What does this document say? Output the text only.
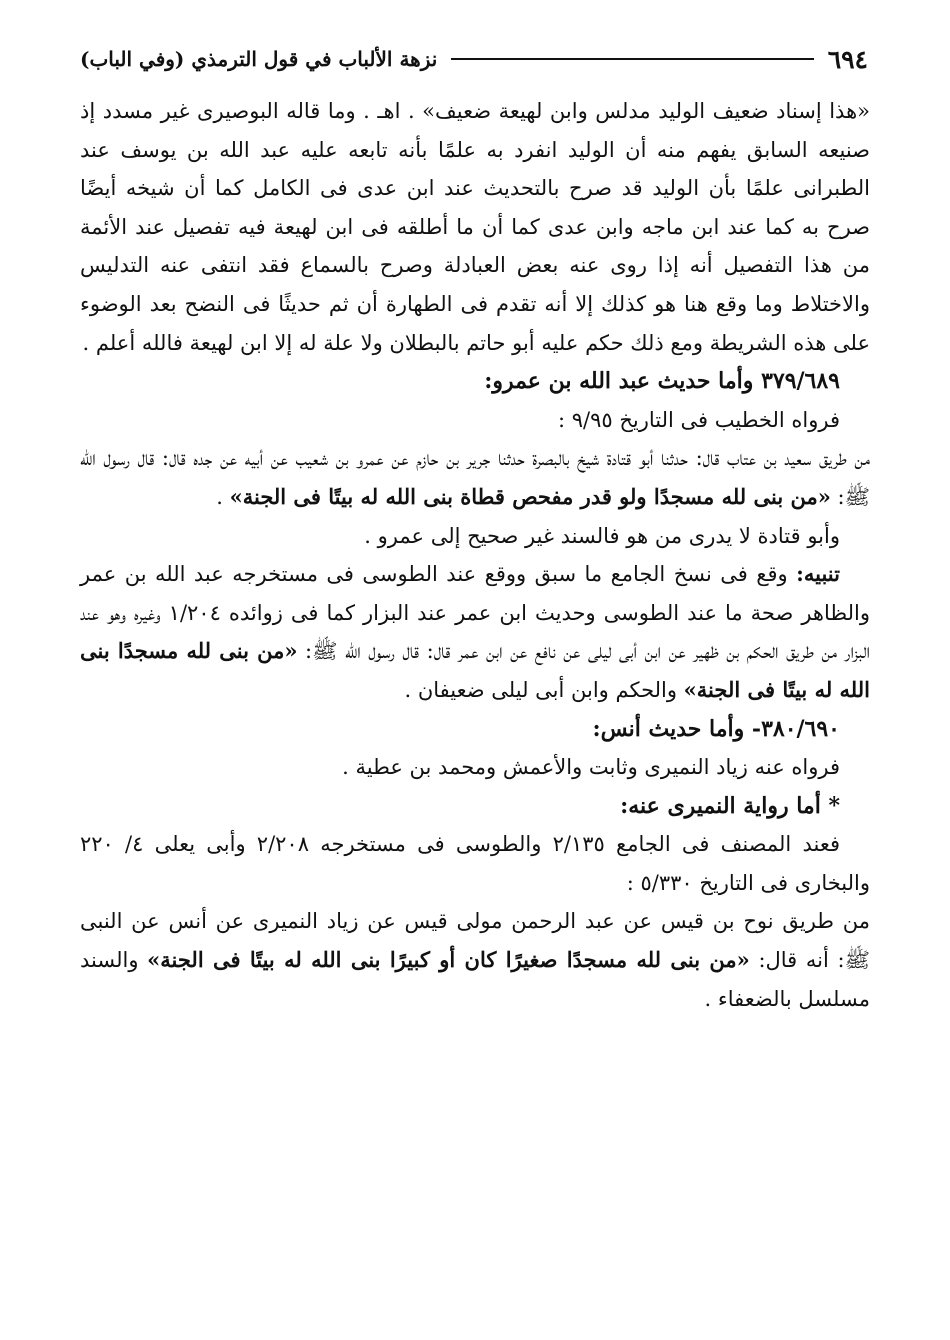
٦٩٤
نزهة الألباب في قول الترمذي (وفي الباب)

«هذا إسناد ضعيف الوليد مدلس وابن لهيعة ضعيف» . اهـ . وما قاله البوصيرى غير مسدد إذ صنيعه السابق يفهم منه أن الوليد انفرد به علمًا بأنه تابعه عليه عبد الله بن يوسف عند الطبرانى علمًا بأن الوليد قد صرح بالتحديث عند ابن عدى فى الكامل كما أن شيخه أيضًا صرح به كما عند ابن ماجه وابن عدى كما أن ما أطلقه فى ابن لهيعة فيه تفصيل عند الأئمة من هذا التفصيل أنه إذا روى عنه بعض العبادلة وصرح بالسماع فقد انتفى عنه التدليس والاختلاط وما وقع هنا هو كذلك إلا أنه تقدم فى الطهارة أن ثم حديثًا فى النضح بعد الوضوء على هذه الشريطة ومع ذلك حكم عليه أبو حاتم بالبطلان ولا علة له إلا ابن لهيعة فالله أعلم .

٣٧٩/٦٨٩ وأما حديث عبد الله بن عمرو:

فرواه الخطيب فى التاريخ ٩/٩٥ :

من طريق سعيد بن عتاب قال: حدثنا أبو قتادة شيخ بالبصرة حدثنا جرير بن حازم عن عمرو بن شعيب عن أبيه عن جده قال: قال رسول الله ﷺ: «من بنى لله مسجدًا ولو قدر مفحص قطاة بنى الله له بيتًا فى الجنة» .

وأبو قتادة لا يدرى من هو فالسند غير صحيح إلى عمرو .

تنبيه: وقع فى نسخ الجامع ما سبق ووقع عند الطوسى فى مستخرجه عبد الله بن عمر والظاهر صحة ما عند الطوسى وحديث ابن عمر عند البزار كما فى زوائده ١/٢٠٤ وغيره وهو عند البزار من طريق الحكم بن ظهير عن ابن أبى ليلى عن نافع عن ابن عمر قال: قال رسول الله ﷺ: «من بنى لله مسجدًا بنى الله له بيتًا فى الجنة» والحكم وابن أبى ليلى ضعيفان .

٣٨٠/٦٩٠- وأما حديث أنس:

فرواه عنه زياد النميرى وثابت والأعمش ومحمد بن عطية .

* أما رواية النميرى عنه:

فعند المصنف فى الجامع ٢/١٣٥ والطوسى فى مستخرجه ٢/٢٠٨ وأبى يعلى ٤/ ٢٢٠ والبخارى فى التاريخ ٥/٣٣٠ :

من طريق نوح بن قيس عن عبد الرحمن مولى قيس عن زياد النميرى عن أنس عن النبى ﷺ: أنه قال: «من بنى لله مسجدًا صغيرًا كان أو كبيرًا بنى الله له بيتًا فى الجنة» والسند مسلسل بالضعفاء .
